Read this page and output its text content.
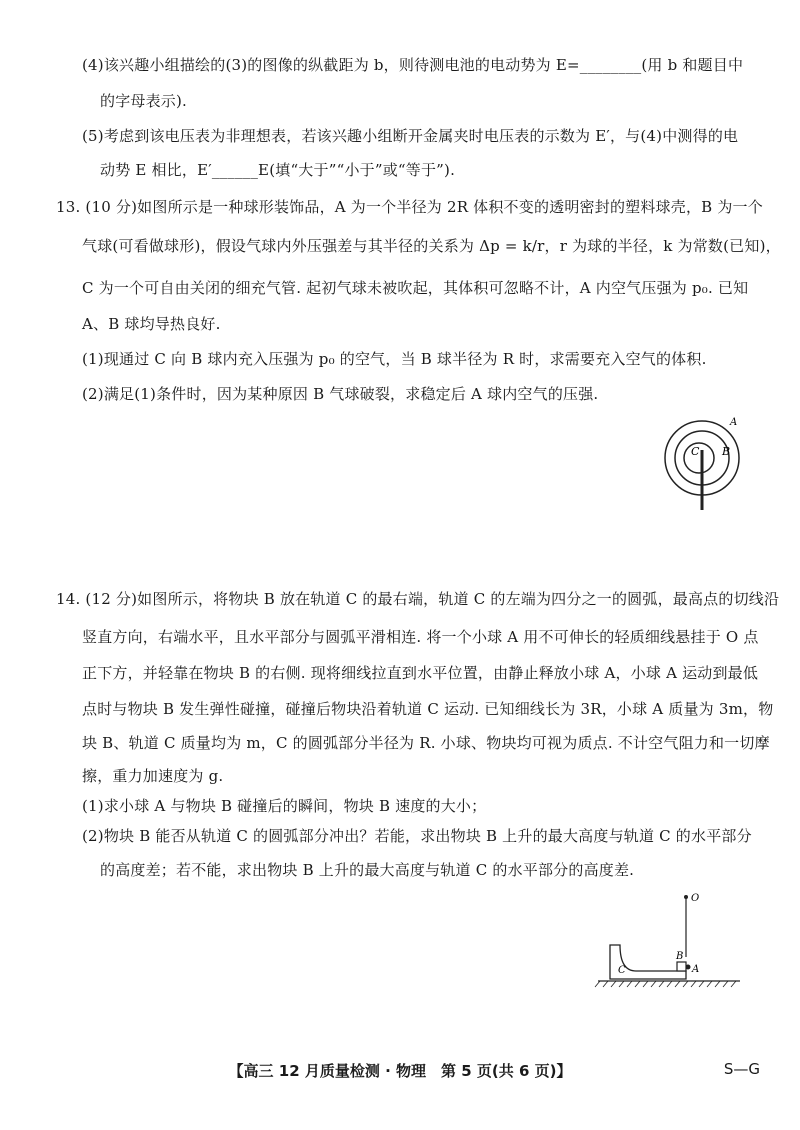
(4)该兴趣小组描绘的(3)的图像的纵截距为 b，则待测电池的电动势为 E=________(用 b 和题目中
的字母表示).
(5)考虑到该电压表为非理想表，若该兴趣小组断开金属夹时电压表的示数为 E′，与(4)中测得的电
动势 E 相比，E′______E(填“大于”“小于”或“等于”).
13. (10 分)如图所示是一种球形装饰品，A 为一个半径为 2R 体积不变的透明密封的塑料球壳，B 为一个
气球(可看做球形)，假设气球内外压强差与其半径的关系为 Δp = k/r，r 为球的半径，k 为常数(已知)，
C 为一个可自由关闭的细充气管. 起初气球未被吹起，其体积可忽略不计，A 内空气压强为 p₀. 已知
A、B 球均导热良好.
(1)现通过 C 向 B 球内充入压强为 p₀ 的空气，当 B 球半径为 R 时，求需要充入空气的体积.
(2)满足(1)条件时，因为某种原因 B 气球破裂，求稳定后 A 球内空气的压强.
A
B
C
14. (12 分)如图所示，将物块 B 放在轨道 C 的最右端，轨道 C 的左端为四分之一的圆弧，最高点的切线沿
竖直方向，右端水平，且水平部分与圆弧平滑相连. 将一个小球 A 用不可伸长的轻质细线悬挂于 O 点
正下方，并轻靠在物块 B 的右侧. 现将细线拉直到水平位置，由静止释放小球 A，小球 A 运动到最低
点时与物块 B 发生弹性碰撞，碰撞后物块沿着轨道 C 运动. 已知细线长为 3R，小球 A 质量为 3m，物
块 B、轨道 C 质量均为 m，C 的圆弧部分半径为 R. 小球、物块均可视为质点. 不计空气阻力和一切摩
擦，重力加速度为 g.
(1)求小球 A 与物块 B 碰撞后的瞬间，物块 B 速度的大小；
(2)物块 B 能否从轨道 C 的圆弧部分冲出？若能，求出物块 B 上升的最大高度与轨道 C 的水平部分
的高度差；若不能，求出物块 B 上升的最大高度与轨道 C 的水平部分的高度差.
O
C
B
A
【高三 12 月质量检测 · 物理　第 5 页(共 6 页)】	S—G
